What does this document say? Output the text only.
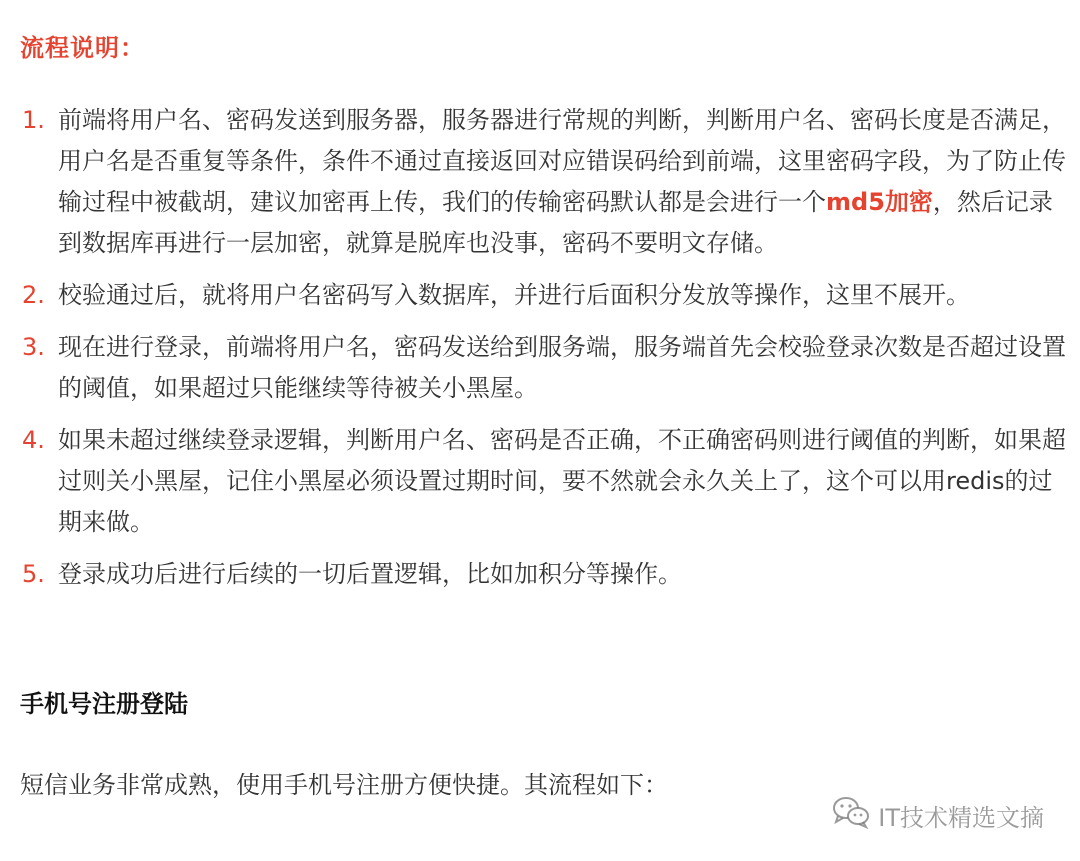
流程说明：
1. 前端将用户名、密码发送到服务器，服务器进行常规的判断，判断用户名、密码长度是否满足，用户名是否重复等条件，条件不通过直接返回对应错误码给到前端，这里密码字段，为了防止传输过程中被截胡，建议加密再上传，我们的传输密码默认都是会进行一个md5加密，然后记录到数据库再进行一层加密，就算是脱库也没事，密码不要明文存储。
2. 校验通过后，就将用户名密码写入数据库，并进行后面积分发放等操作，这里不展开。
3. 现在进行登录，前端将用户名，密码发送给到服务端，服务端首先会校验登录次数是否超过设置的阈值，如果超过只能继续等待被关小黑屋。
4. 如果未超过继续登录逻辑，判断用户名、密码是否正确，不正确密码则进行阈值的判断，如果超过则关小黑屋，记住小黑屋必须设置过期时间，要不然就会永久关上了，这个可以用redis的过期来做。
5. 登录成功后进行后续的一切后置逻辑，比如加积分等操作。
手机号注册登陆
短信业务非常成熟，使用手机号注册方便快捷。其流程如下：
IT技术精选文摘
